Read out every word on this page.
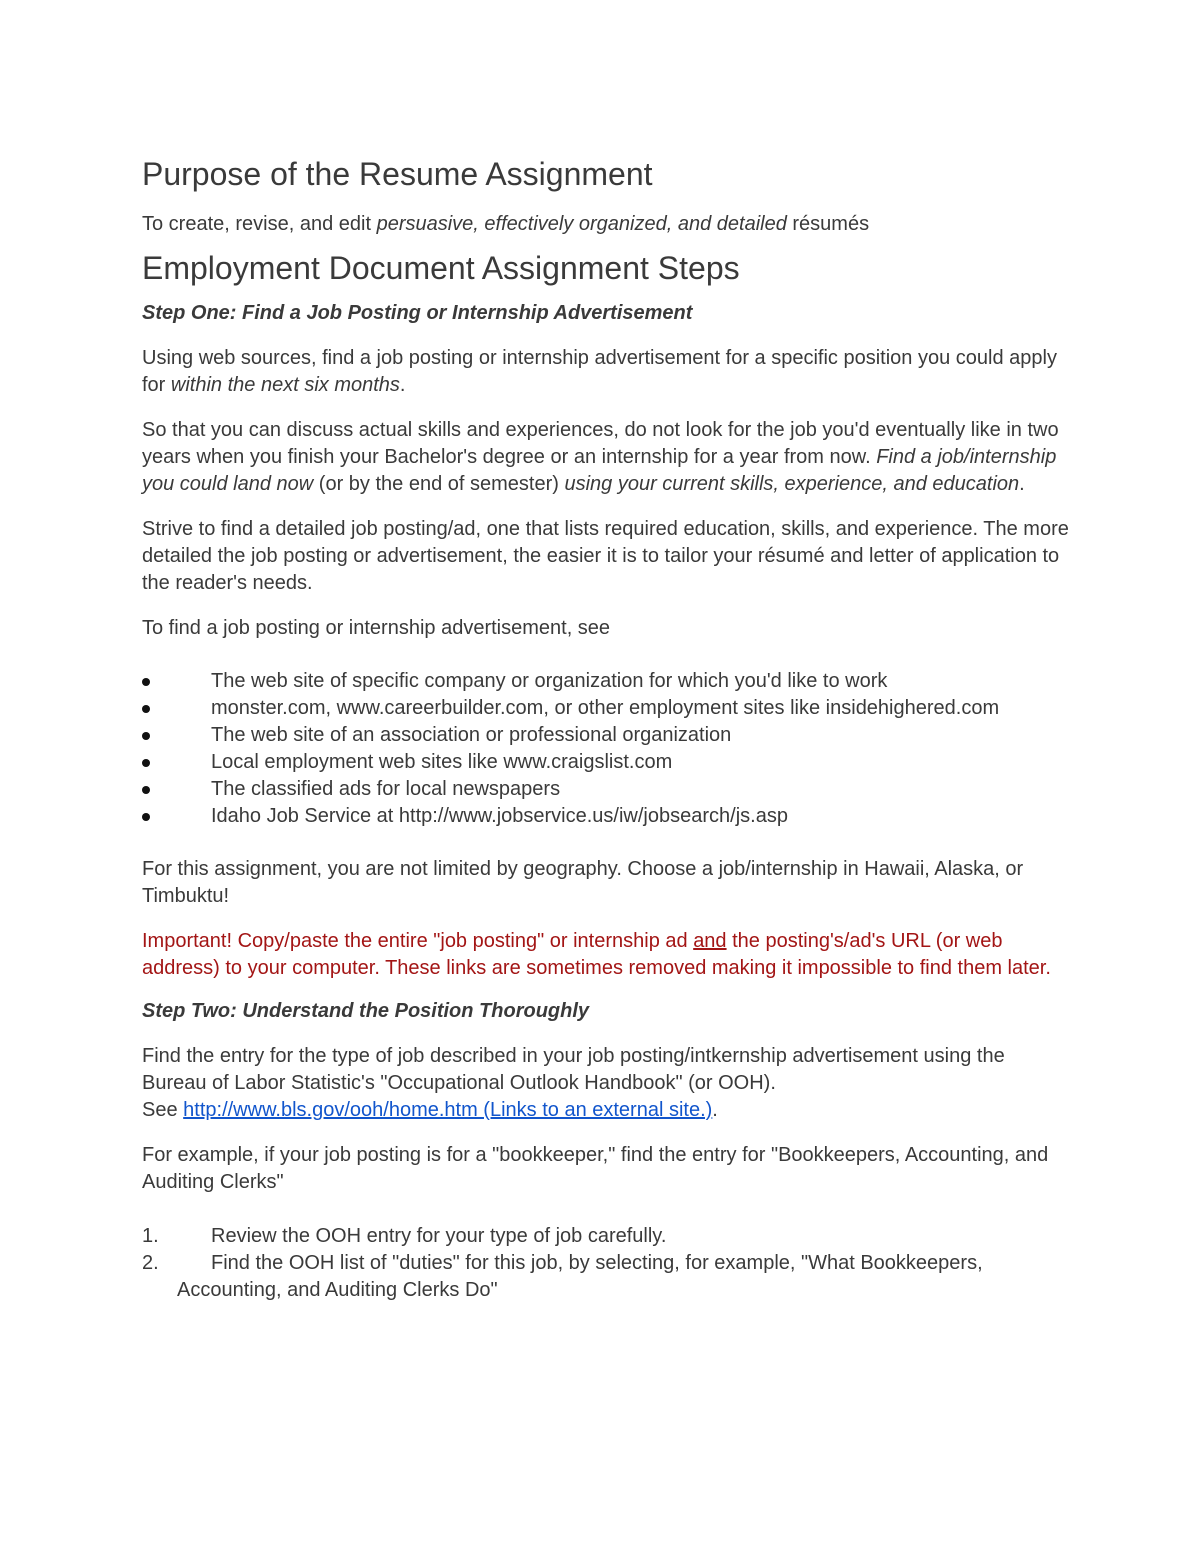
Purpose of the Resume Assignment
To create, revise, and edit persuasive, effectively organized, and detailed résumés
Employment Document Assignment Steps
Step One: Find a Job Posting or Internship Advertisement

Using web sources, find a job posting or internship advertisement for a specific position you could apply for within the next six months.

So that you can discuss actual skills and experiences, do not look for the job you'd eventually like in two years when you finish your Bachelor's degree or an internship for a year from now. Find a job/internship you could land now (or by the end of semester) using your current skills, experience, and education.

Strive to find a detailed job posting/ad, one that lists required education, skills, and experience. The more detailed the job posting or advertisement, the easier it is to tailor your résumé and letter of application to the reader's needs.

To find a job posting or internship advertisement, see

The web site of specific company or organization for which you'd like to work
monster.com, www.careerbuilder.com, or other employment sites like insidehighered.com
The web site of an association or professional organization
Local employment web sites like www.craigslist.com
The classified ads for local newspapers
Idaho Job Service at http://www.jobservice.us/iw/jobsearch/js.asp

For this assignment, you are not limited by geography. Choose a job/internship in Hawaii, Alaska, or Timbuktu!

Important! Copy/paste the entire "job posting" or internship ad and the posting's/ad's URL (or web address) to your computer. These links are sometimes removed making it impossible to find them later.

Step Two: Understand the Position Thoroughly

Find the entry for the type of job described in your job posting/intkernship advertisement using the Bureau of Labor Statistic's "Occupational Outlook Handbook" (or OOH).
See http://www.bls.gov/ooh/home.htm (Links to an external site.).

For example, if your job posting is for a "bookkeeper," find the entry for "Bookkeepers, Accounting, and Auditing Clerks"

1.	Review the OOH entry for your type of job carefully.
2.	Find the OOH list of "duties" for this job, by selecting, for example, "What Bookkeepers, Accounting, and Auditing Clerks Do"
